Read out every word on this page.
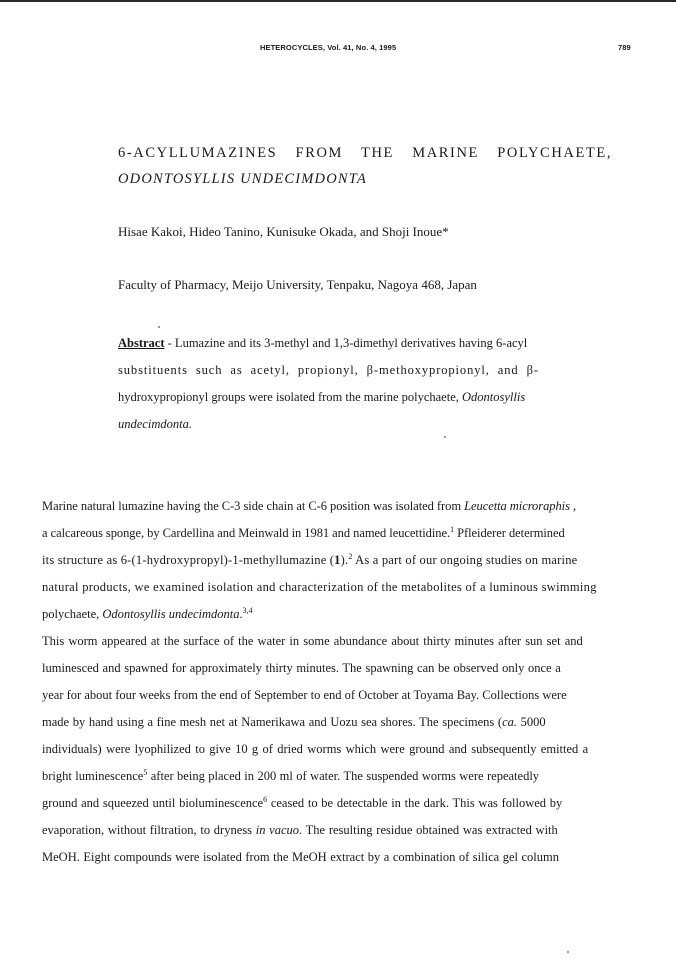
HETEROCYCLES, Vol. 41, No. 4, 1995	789
6-ACYLLUMAZINES FROM THE MARINE POLYCHAETE,
ODONTOSYLLIS UNDECIMDONTA
Hisae Kakoi, Hideo Tanino, Kunisuke Okada, and Shoji Inoue*
Faculty of Pharmacy, Meijo University, Tenpaku, Nagoya 468, Japan
Abstract - Lumazine and its 3-methyl and 1,3-dimethyl derivatives having 6-acyl
substituents such as acetyl, propionyl, β-methoxypropionyl, and β-
hydroxypropionyl groups were isolated from the marine polychaete, Odontosyllis
undecimdonta.
Marine natural lumazine having the C-3 side chain at C-6 position was isolated from Leucetta microraphis ,
a calcareous sponge, by Cardellina and Meinwald in 1981 and named leucettidine.$^1$ Pfleiderer determined
its structure as 6-(1-hydroxypropyl)-1-methyllumazine (1).$^2$ As a part of our ongoing studies on marine
natural products, we examined isolation and characterization of the metabolites of a luminous swimming
polychaete, Odontosyllis undecimdonta.$^{3,4}$
This worm appeared at the surface of the water in some abundance about thirty minutes after sun set and
luminesced and spawned for approximately thirty minutes. The spawning can be observed only once a
year for about four weeks from the end of September to end of October at Toyama Bay. Collections were
made by hand using a fine mesh net at Namerikawa and Uozu sea shores. The specimens (ca. 5000
individuals) were lyophilized to give 10 g of dried worms which were ground and subsequently emitted a
bright luminescence$^5$ after being placed in 200 ml of water. The suspended worms were repeatedly
ground and squeezed until bioluminescence$^6$ ceased to be detectable in the dark. This was followed by
evaporation, without filtration, to dryness in vacuo. The resulting residue obtained was extracted with
MeOH. Eight compounds were isolated from the MeOH extract by a combination of silica gel column
